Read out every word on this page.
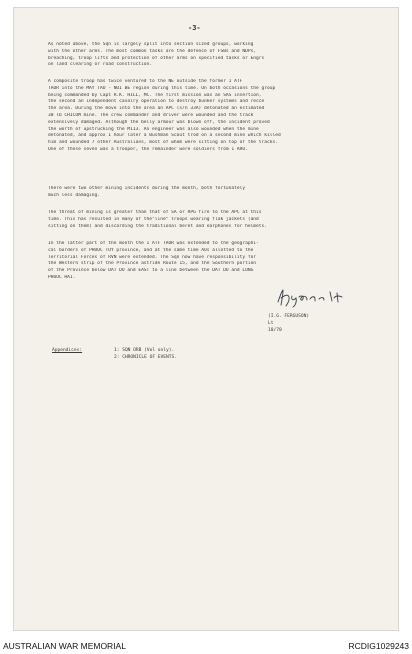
-3-
As noted above, the Sqn is largely split into section sized groups, working
with the other arms. The most common tasks are the defence of FSBs and NDPs,
breaching, troop lifts and protection of other arms on specified tasks or Engrs
on land clearing or road construction.
A composite troop has twice ventured to the NE outside the former 1 ATF
TAOR into the MAY TAO - NUI BE region during this time. On both occasions the group
being commanded by Capt R.K. HILL, MC. The first mission was an SAS insertion,
the second an independent cavalry operation to destroy bunker systems and recce
the area. During the move into the area an APC (s/n 33A) detonated an estimated
30 lb CHICOM mine. The crew commander and driver were wounded and the track
extensively damaged. Although the belly armour was blown off, the incident proved
the worth of upstrucking the M113. An engineer was also wounded when the mine
detonated, and approx 1 hour later a Bushman Scout trod on a second mine which killed
him and wounded 7 other Australians, most of whom were sitting on top of the tracks.
One of these seven was a trooper, the remainder were soldiers from 1 ARU.
There were two other mining incidents during the month, both fortunately
much less damaging.
The threat of mining is greater than that of SA or RPG fire to the APC at this
time. This has resulted in many of the"line" troops wearing flak jackets (and
sitting on them) and discarding the traditional beret and earphones for helmets.
In the latter part of the month the 1 ATF TAOR was extended to the geographi-
cal borders of PHUOC TUY province, and at the same time AOs allotted to the
Territorial Forces of RVN were extended. The Sqn now have responsibility for
the Western strip of the Province astride Route 15, and the Southern portion
of the Province below DAT DO and EAST to a line between the DAT DO and LONG
PHUOC HAI.
(I.G. FERGUSON)
Lt
10/70
Appendices:	1: SQN ORB (Vol only).
2: CHRONICLE OF EVENTS.
AUSTRALIAN WAR MEMORIAL	RCDIG1029243
